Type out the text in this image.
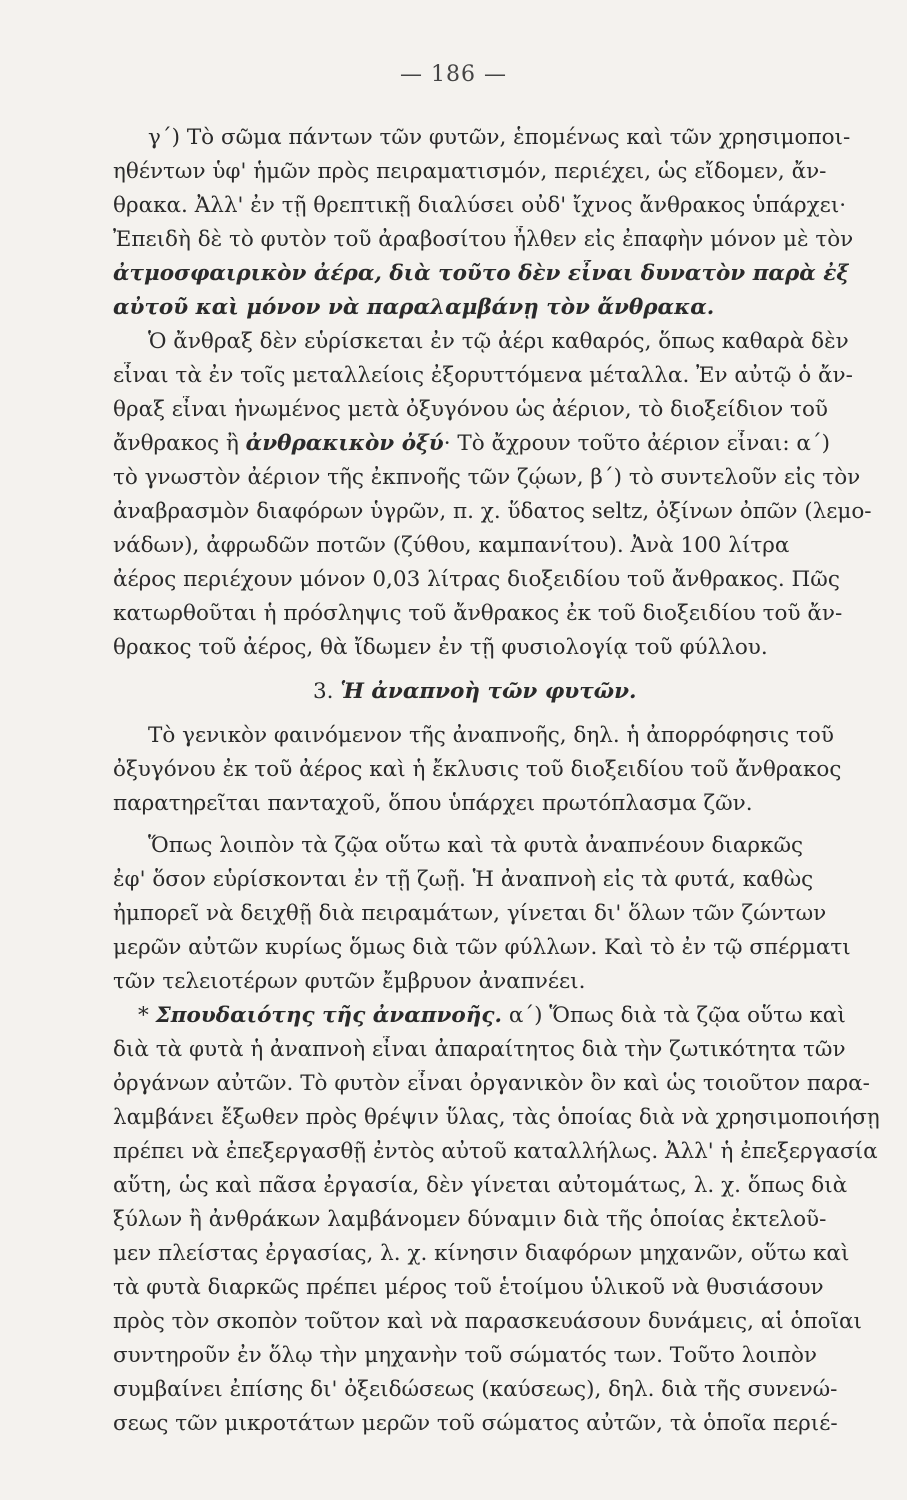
— 186 —
γ΄) Τὸ σῶμα πάντων τῶν φυτῶν, ἑπομένως καὶ τῶν χρησιμοποι-
ηθέντων ὑφ' ἡμῶν πρὸς πειραματισμόν, περιέχει, ὡς εἴδομεν, ἄν-
θρακα. Ἀλλ' ἐν τῇ θρεπτικῇ διαλύσει οὐδ' ἴχνος ἄνθρακος ὑπάρχει·
Ἐπειδὴ δὲ τὸ φυτὸν τοῦ ἀραβοσίτου ἦλθεν εἰς ἐπαφὴν μόνον μὲ τὸν
ἀτμοσφαιρικὸν ἀέρα, διὰ τοῦτο δὲν εἶναι δυνατὸν παρὰ ἐξ
αὐτοῦ καὶ μόνον νὰ παραλαμβάνῃ τὸν ἄνθρακα.
Ὁ ἄνθραξ δὲν εὑρίσκεται ἐν τῷ ἀέρι καθαρός, ὅπως καθαρὰ δὲν
εἶναι τὰ ἐν τοῖς μεταλλείοις ἐξορυττόμενα μέταλλα. Ἐν αὐτῷ ὁ ἄν-
θραξ εἶναι ἡνωμένος μετὰ ὀξυγόνου ὡς ἀέριον, τὸ διοξείδιον τοῦ
ἄνθρακος ἢ ἀνθρακικὸν ὀξύ· Τὸ ἄχρουν τοῦτο ἀέριον εἶναι: α΄)
τὸ γνωστὸν ἀέριον τῆς ἐκπνοῆς τῶν ζῴων, β΄) τὸ συντελοῦν εἰς τὸν
ἀναβρασμὸν διαφόρων ὑγρῶν, π. χ. ὕδατος seltz, ὀξίνων ὀπῶν (λεμο-
νάδων), ἀφρωδῶν ποτῶν (ζύθου, καμπανίτου). Ἀνὰ 100 λίτρα
ἀέρος περιέχουν μόνον 0,03 λίτρας διοξειδίου τοῦ ἄνθρακος. Πῶς
κατωρθοῦται ἡ πρόσληψις τοῦ ἄνθρακος ἐκ τοῦ διοξειδίου τοῦ ἄν-
θρακος τοῦ ἀέρος, θὰ ἴδωμεν ἐν τῇ φυσιολογίᾳ τοῦ φύλλου.
3. Ἡ ἀναπνοὴ τῶν φυτῶν.
Τὸ γενικὸν φαινόμενον τῆς ἀναπνοῆς, δηλ. ἡ ἀπορρόφησις τοῦ
ὀξυγόνου ἐκ τοῦ ἀέρος καὶ ἡ ἔκλυσις τοῦ διοξειδίου τοῦ ἄνθρακος
παρατηρεῖται πανταχοῦ, ὅπου ὑπάρχει πρωτόπλασμα ζῶν.
Ὅπως λοιπὸν τὰ ζῷα οὕτω καὶ τὰ φυτὰ ἀναπνέουν διαρκῶς
ἐφ' ὅσον εὑρίσκονται ἐν τῇ ζωῇ. Ἡ ἀναπνοὴ εἰς τὰ φυτά, καθὼς
ἠμπορεῖ νὰ δειχθῇ διὰ πειραμάτων, γίνεται δι' ὅλων τῶν ζώντων
μερῶν αὐτῶν κυρίως ὅμως διὰ τῶν φύλλων. Καὶ τὸ ἐν τῷ σπέρματι
τῶν τελειοτέρων φυτῶν ἔμβρυον ἀναπνέει.
* Σπουδαιότης τῆς ἀναπνοῆς. α΄) Ὅπως διὰ τὰ ζῷα οὕτω καὶ
διὰ τὰ φυτὰ ἡ ἀναπνοὴ εἶναι ἀπαραίτητος διὰ τὴν ζωτικότητα τῶν
ὀργάνων αὐτῶν. Τὸ φυτὸν εἶναι ὀργανικὸν ὂν καὶ ὡς τοιοῦτον παρα-
λαμβάνει ἔξωθεν πρὸς θρέψιν ὕλας, τὰς ὁποίας διὰ νὰ χρησιμοποιήσῃ
πρέπει νὰ ἐπεξεργασθῇ ἐντὸς αὐτοῦ καταλλήλως. Ἀλλ' ἡ ἐπεξεργασία
αὕτη, ὡς καὶ πᾶσα ἐργασία, δὲν γίνεται αὐτομάτως, λ. χ. ὅπως διὰ
ξύλων ἢ ἀνθράκων λαμβάνομεν δύναμιν διὰ τῆς ὁποίας ἐκτελοῦ-
μεν πλείστας ἐργασίας, λ. χ. κίνησιν διαφόρων μηχανῶν, οὕτω καὶ
τὰ φυτὰ διαρκῶς πρέπει μέρος τοῦ ἑτοίμου ὑλικοῦ νὰ θυσιάσουν
πρὸς τὸν σκοπὸν τοῦτον καὶ νὰ παρασκευάσουν δυνάμεις, αἱ ὁποῖαι
συντηροῦν ἐν ὅλῳ τὴν μηχανὴν τοῦ σώματός των. Τοῦτο λοιπὸν
συμβαίνει ἐπίσης δι' ὀξειδώσεως (καύσεως), δηλ. διὰ τῆς συνενώ-
σεως τῶν μικροτάτων μερῶν τοῦ σώματος αὐτῶν, τὰ ὁποῖα περιέ-
